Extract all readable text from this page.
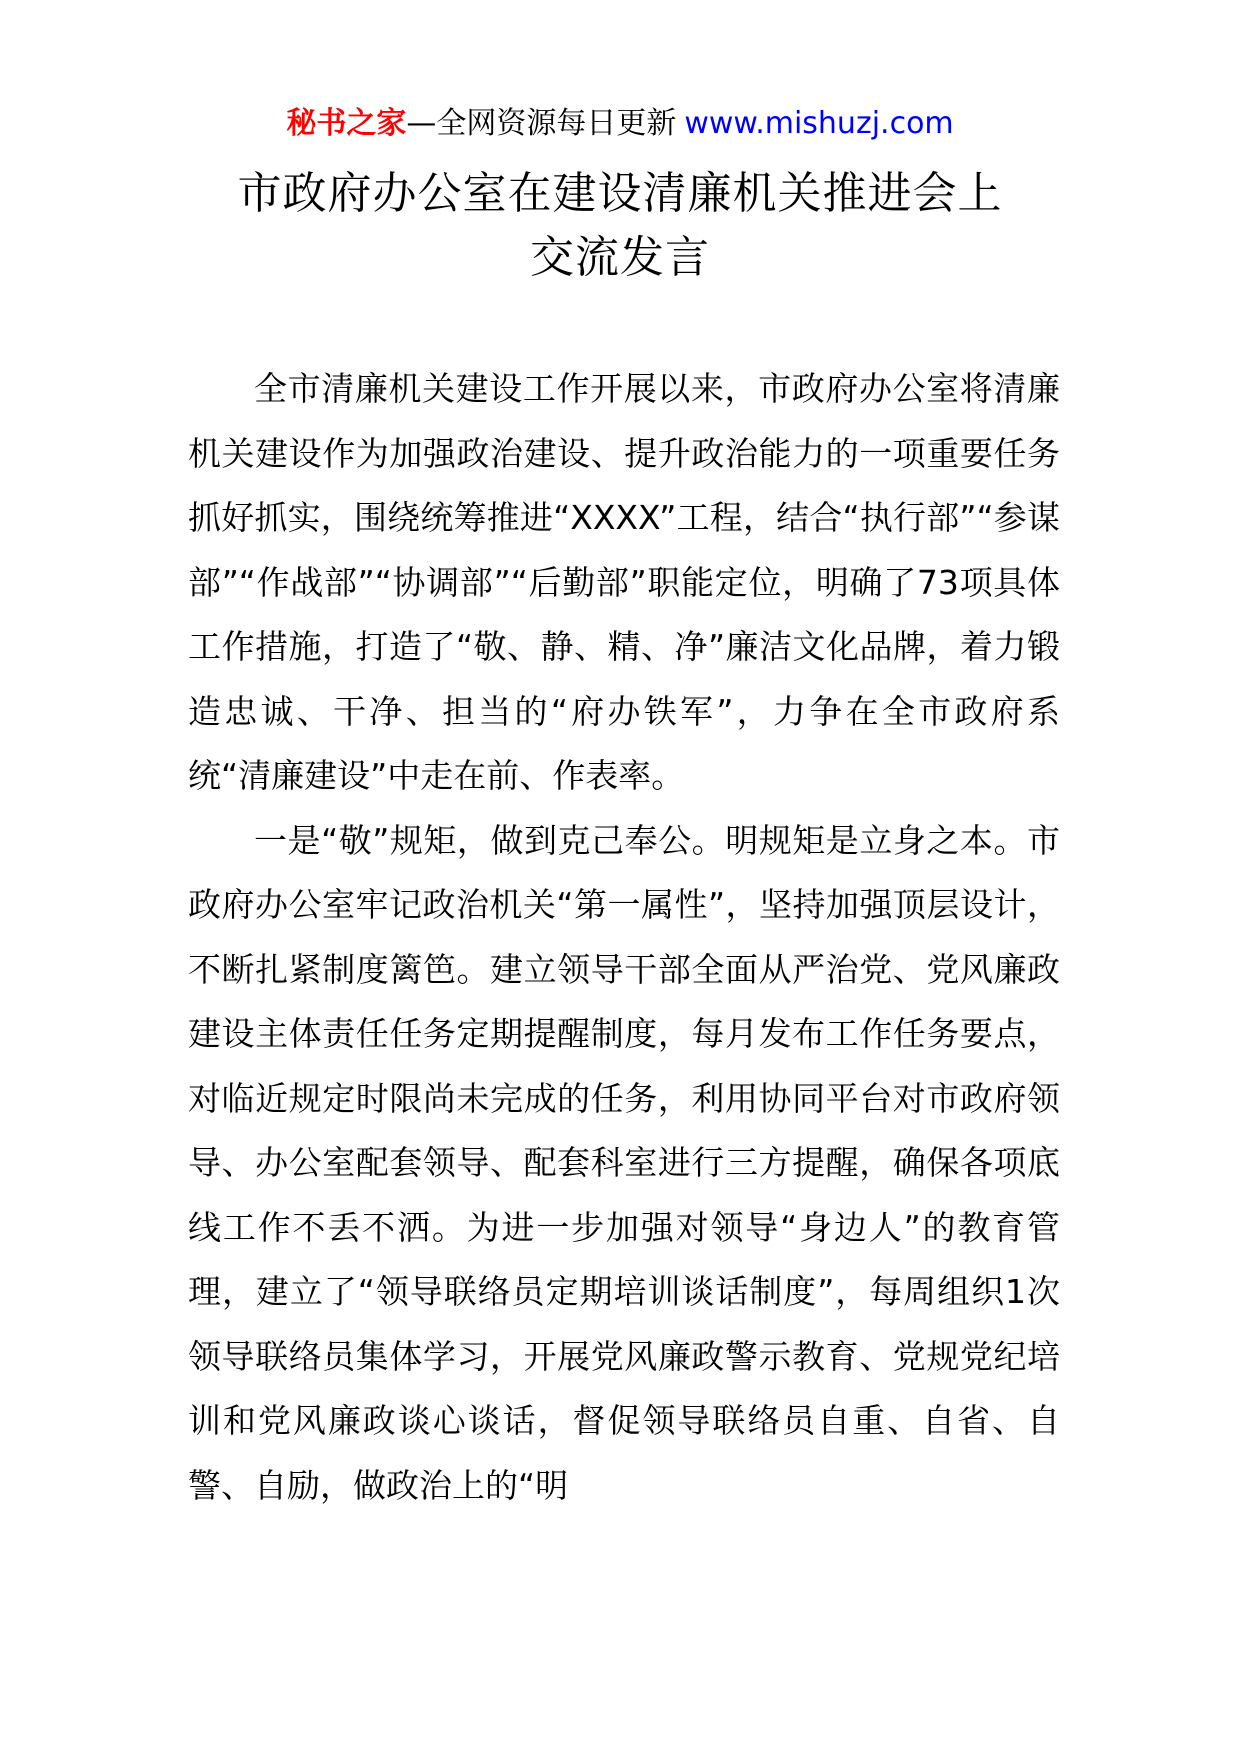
秘书之家—全网资源每日更新 www.mishuzj.com
市政府办公室在建设清廉机关推进会上
交流发言

全市清廉机关建设工作开展以来，市政府办公室将清廉机关建设作为加强政治建设、提升政治能力的一项重要任务抓好抓实，围绕统筹推进“XXXX”工程，结合“执行部”“参谋部”“作战部”“协调部”“后勤部”职能定位，明确了73项具体工作措施，打造了“敬、静、精、净”廉洁文化品牌，着力锻造忠诚、干净、担当的“府办铁军”，力争在全市政府系统“清廉建设”中走在前、作表率。

一是“敬”规矩，做到克己奉公。明规矩是立身之本。市政府办公室牢记政治机关“第一属性”，坚持加强顶层设计，不断扎紧制度篱笆。建立领导干部全面从严治党、党风廉政建设主体责任任务定期提醒制度，每月发布工作任务要点，对临近规定时限尚未完成的任务，利用协同平台对市政府领导、办公室配套领导、配套科室进行三方提醒，确保各项底线工作不丢不洒。为进一步加强对领导“身边人”的教育管理，建立了“领导联络员定期培训谈话制度”，每周组织1次领导联络员集体学习，开展党风廉政警示教育、党规党纪培训和党风廉政谈心谈话，督促领导联络员自重、自省、自警、自励，做政治上的“明
